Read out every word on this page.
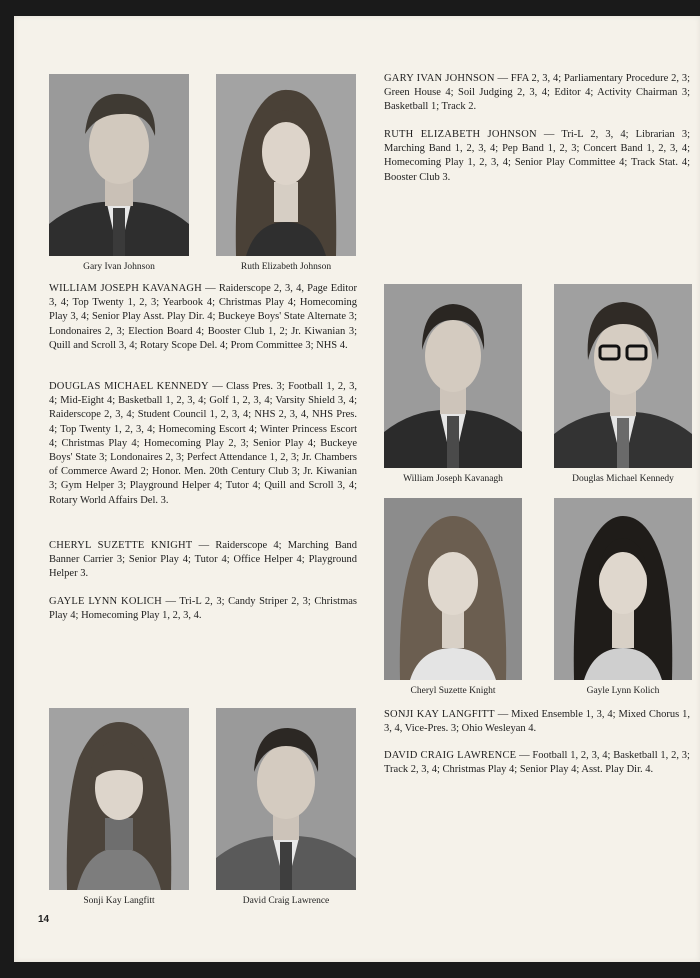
Gary Ivan Johnson	Ruth Elizabeth Johnson
GARY IVAN JOHNSON — FFA 2, 3, 4; Parliamentary Procedure 2, 3; Green House 4; Soil Judging 2, 3, 4; Editor 4; Activity Chairman 3; Basketball 1; Track 2.
RUTH ELIZABETH JOHNSON — Tri-L 2, 3, 4; Librarian 3; Marching Band 1, 2, 3, 4; Pep Band 1, 2, 3; Concert Band 1, 2, 3, 4; Homecoming Play 1, 2, 3, 4; Senior Play Committee 4; Track Stat. 4; Booster Club 3.
WILLIAM JOSEPH KAVANAGH — Raiderscope 2, 3, 4, Page Editor 3, 4; Top Twenty 1, 2, 3; Yearbook 4; Christmas Play 4; Homecoming Play 3, 4; Senior Play Asst. Play Dir. 4; Buckeye Boys' State Alternate 3; Londonaires 2, 3; Election Board 4; Booster Club 1, 2; Jr. Kiwanian 3; Quill and Scroll 3, 4; Rotary Scope Del. 4; Prom Committee 3; NHS 4.
DOUGLAS MICHAEL KENNEDY — Class Pres. 3; Football 1, 2, 3, 4; Mid-Eight 4; Basketball 1, 2, 3, 4; Golf 1, 2, 3, 4; Varsity Shield 3, 4; Raiderscope 2, 3, 4; Student Council 1, 2, 3, 4; NHS 2, 3, 4, NHS Pres. 4; Top Twenty 1, 2, 3, 4; Homecoming Escort 4; Winter Princess Escort 4; Christmas Play 4; Homecoming Play 2, 3; Senior Play 4; Buckeye Boys' State 3; Londonaires 2, 3; Perfect Attendance 1, 2, 3; Jr. Chambers of Commerce Award 2; Honor. Men. 20th Century Club 3; Jr. Kiwanian 3; Gym Helper 3; Playground Helper 4; Tutor 4; Quill and Scroll 3, 4; Rotary World Affairs Del. 3.
CHERYL SUZETTE KNIGHT — Raiderscope 4; Marching Band Banner Carrier 3; Senior Play 4; Tutor 4; Office Helper 4; Playground Helper 3.
GAYLE LYNN KOLICH — Tri-L 2, 3; Candy Striper 2, 3; Christmas Play 4; Homecoming Play 1, 2, 3, 4.
William Joseph Kavanagh	Douglas Michael Kennedy
Cheryl Suzette Knight	Gayle Lynn Kolich
SONJI KAY LANGFITT — Mixed Ensemble 1, 3, 4; Mixed Chorus 1, 3, 4, Vice-Pres. 3; Ohio Wesleyan 4.
DAVID CRAIG LAWRENCE — Football 1, 2, 3, 4; Basketball 1, 2, 3; Track 2, 3, 4; Christmas Play 4; Senior Play 4; Asst. Play Dir. 4.
Sonji Kay Langfitt	David Craig Lawrence
14
